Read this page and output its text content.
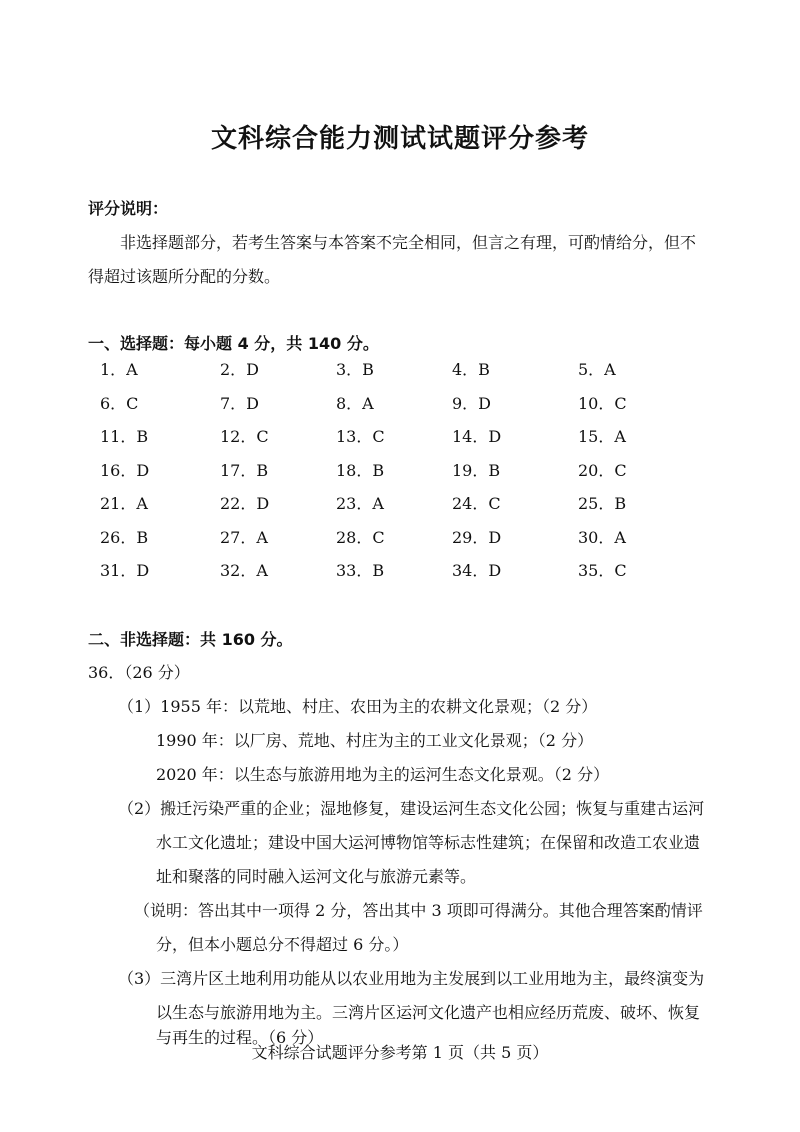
文科综合能力测试试题评分参考
评分说明：
非选择题部分，若考生答案与本答案不完全相同，但言之有理，可酌情给分，但不
得超过该题所分配的分数。
一、选择题：每小题 4 分，共 140 分。
1．A	2．D	3．B	4．B	5．A
6．C	7．D	8．A	9．D	10．C
11．B	12．C	13．C	14．D	15．A
16．D	17．B	18．B	19．B	20．C
21．A	22．D	23．A	24．C	25．B
26．B	27．A	28．C	29．D	30．A
31．D	32．A	33．B	34．D	35．C
二、非选择题：共 160 分。
36．（26 分）
（1）1955 年：以荒地、村庄、农田为主的农耕文化景观；（2 分）
1990 年：以厂房、荒地、村庄为主的工业文化景观；（2 分）
2020 年：以生态与旅游用地为主的运河生态文化景观。（2 分）
（2）搬迁污染严重的企业；湿地修复，建设运河生态文化公园；恢复与重建古运河
水工文化遗址；建设中国大运河博物馆等标志性建筑；在保留和改造工农业遗
址和聚落的同时融入运河文化与旅游元素等。
（说明：答出其中一项得 2 分，答出其中 3 项即可得满分。其他合理答案酌情评
分，但本小题总分不得超过 6 分。）
（3）三湾片区土地利用功能从以农业用地为主发展到以工业用地为主，最终演变为
以生态与旅游用地为主。三湾片区运河文化遗产也相应经历荒废、破坏、恢复
与再生的过程。（6 分）
文科综合试题评分参考第 1 页（共 5 页）
